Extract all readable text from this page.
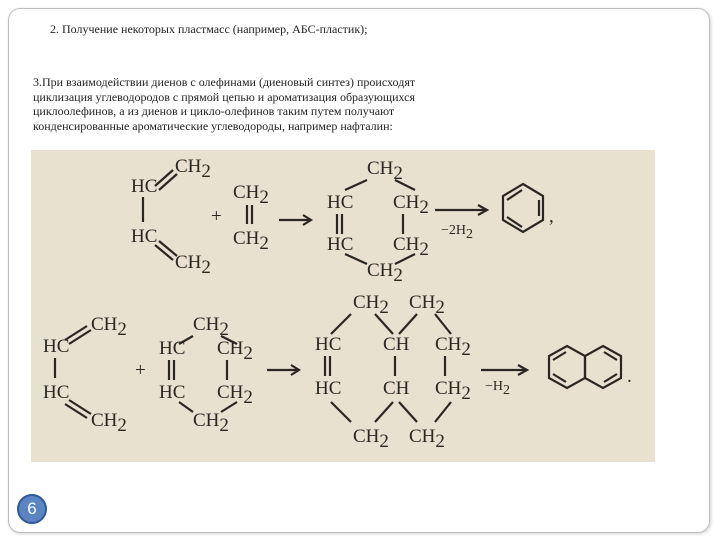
2. Получение некоторых пластмасс (например, АБС-пластик);
3.При взаимодействии диенов с олефинами (диеновый синтез) происходят
циклизация углеводородов с прямой цепью и ароматизация образующихся
циклоолефинов, а из диенов и цикло-олефинов таким путем получают
конденсированные ароматические углеводороды, например нафталин:
HC
CH2
HC
CH2
+
CH2
CH2
CH2
HC CH2
HC CH2
CH2
−2H2
,
CH2
HC
HC
CH2
+
CH2
HC CH2
HC CH2
CH2
CH2 CH2
HC CH CH2
HC CH CH2
CH2 CH2
−H2
.
6
